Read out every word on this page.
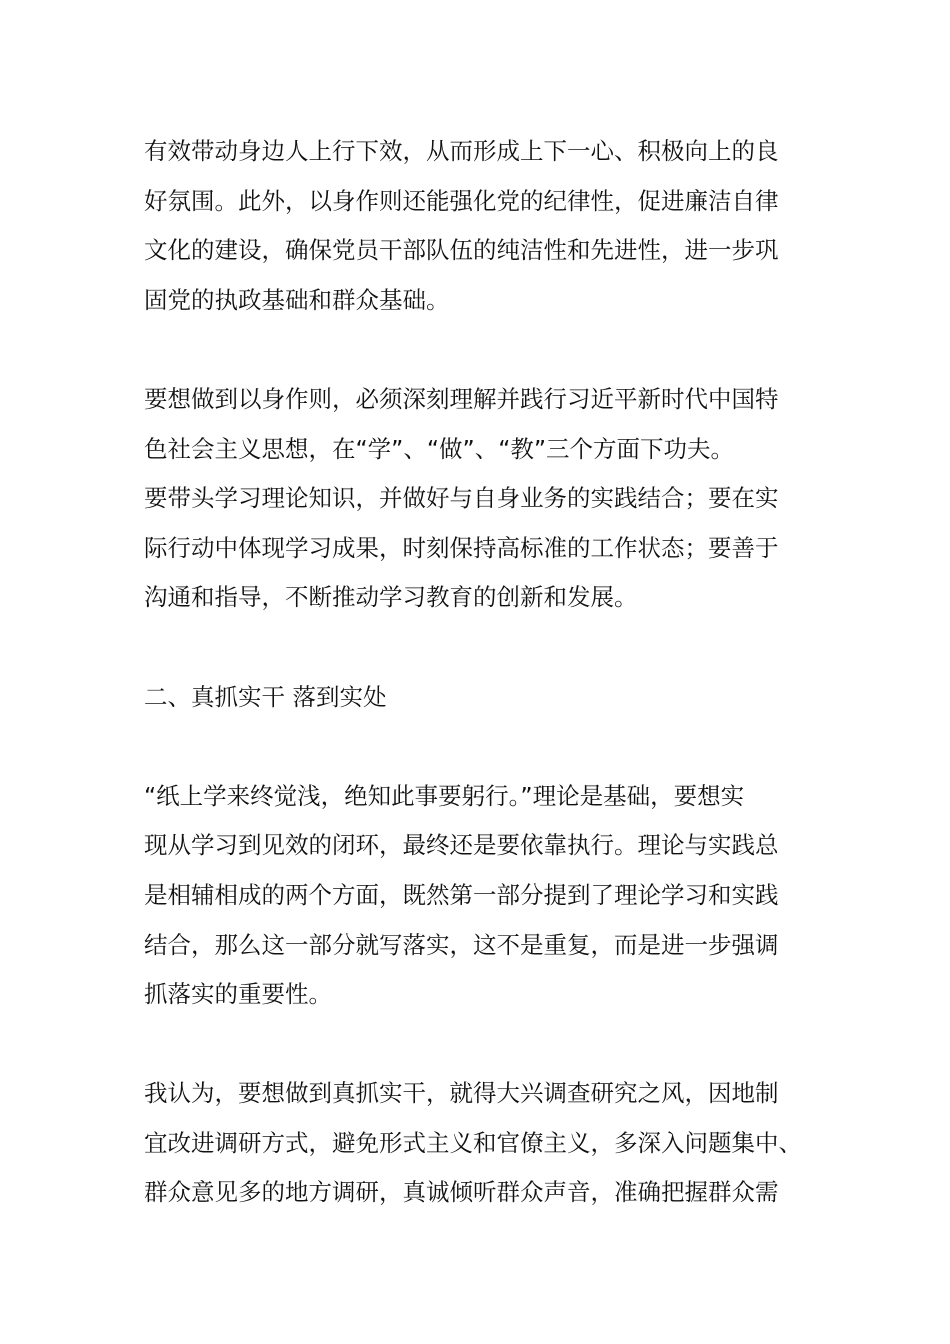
有效带动身边人上行下效，从而形成上下一心、积极向上的良
好氛围。此外，以身作则还能强化党的纪律性，促进廉洁自律
文化的建设，确保党员干部队伍的纯洁性和先进性，进一步巩
固党的执政基础和群众基础。
要想做到以身作则，必须深刻理解并践行习近平新时代中国特
色社会主义思想，在“学”、“做”、“教”三个方面下功夫。
要带头学习理论知识，并做好与自身业务的实践结合；要在实
际行动中体现学习成果，时刻保持高标准的工作状态；要善于
沟通和指导，不断推动学习教育的创新和发展。
二、真抓实干 落到实处
“纸上学来终觉浅，绝知此事要躬行。”理论是基础，要想实
现从学习到见效的闭环，最终还是要依靠执行。理论与实践总
是相辅相成的两个方面，既然第一部分提到了理论学习和实践
结合，那么这一部分就写落实，这不是重复，而是进一步强调
抓落实的重要性。
我认为，要想做到真抓实干，就得大兴调查研究之风，因地制
宜改进调研方式，避免形式主义和官僚主义，多深入问题集中、
群众意见多的地方调研，真诚倾听群众声音，准确把握群众需
